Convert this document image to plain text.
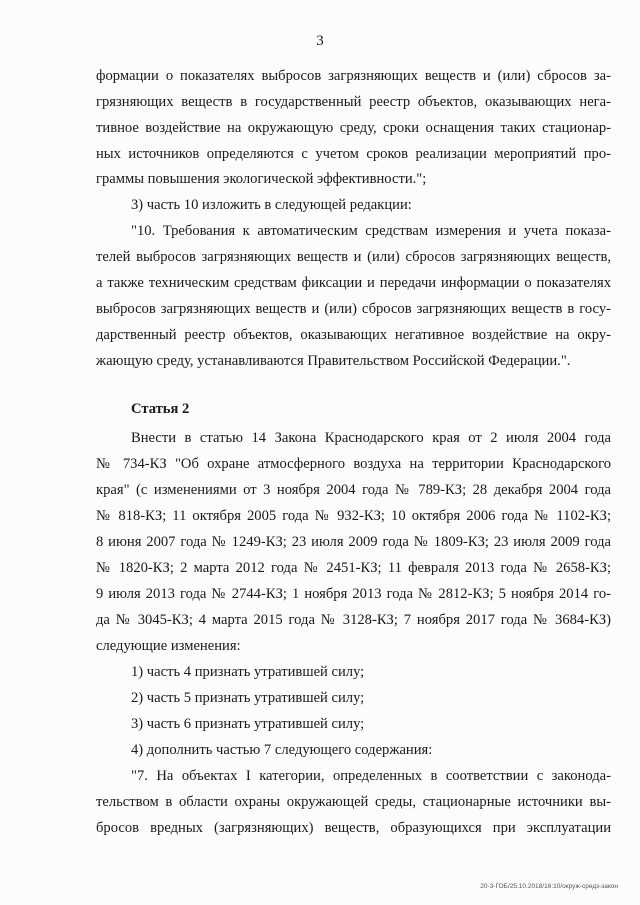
3
формации о показателях выбросов загрязняющих веществ и (или) сбросов за-
грязняющих веществ в государственный реестр объектов, оказывающих негa-
тивное воздействие на окружающую среду, сроки оснащения таких стационар-
ных источников определяются с учетом сроков реализации мероприятий про-
граммы повышения экологической эффективности.";
3) часть 10 изложить в следующей редакции:
"10. Требования к автоматическим средствам измерения и учета показа-
телей выбросов загрязняющих веществ и (или) сбросов загрязняющих веществ,
а также техническим средствам фиксации и передачи информации о показателях
выбросов загрязняющих веществ и (или) сбросов загрязняющих веществ в госу-
дарственный реестр объектов, оказывающих негативное воздействие на окру-
жающую среду, устанавливаются Правительством Российской Федерации.".
Статья 2
Внести в статью 14 Закона Краснодарского края от 2 июля 2004 года
№ 734-КЗ "Об охране атмосферного воздуха на территории Краснодарского
края" (с изменениями от 3 ноября 2004 года № 789-КЗ; 28 декабря 2004 года
№ 818-КЗ; 11 октября 2005 года № 932-КЗ; 10 октября 2006 года № 1102-КЗ;
8 июня 2007 года № 1249-КЗ; 23 июля 2009 года № 1809-КЗ; 23 июля 2009 года
№ 1820-КЗ; 2 марта 2012 года № 2451-КЗ; 11 февраля 2013 года № 2658-КЗ;
9 июля 2013 года № 2744-КЗ; 1 ноября 2013 года № 2812-КЗ; 5 ноября 2014 го-
да № 3045-КЗ; 4 марта 2015 года № 3128-КЗ; 7 ноября 2017 года № 3684-КЗ)
следующие изменения:
1) часть 4 признать утратившей силу;
2) часть 5 признать утратившей силу;
3) часть 6 признать утратившей силу;
4) дополнить частью 7 следующего содержания:
"7. На объектах I категории, определенных в соответствии с законода-
тельством в области охраны окружающей среды, стационарные источники вы-
бросов вредных (загрязняющих) веществ, образующихся при эксплуатации
20-3-ГОБ/25.10.2018/16:10/окруж-средз-закон
